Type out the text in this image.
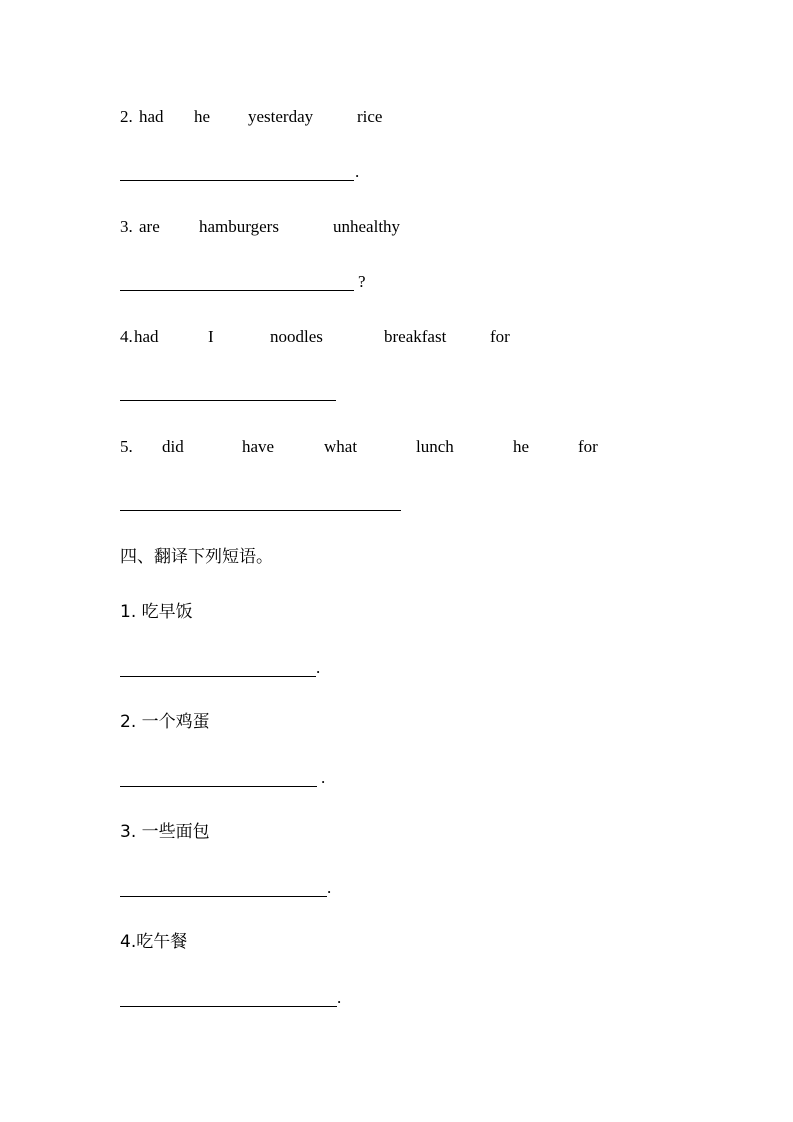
2. had he yesterday	rice
.
3. are hamburgers	unhealthy
?
4. had	I	noodles	breakfast	for
5. did	have	what	lunch	he	for
四、翻译下列短语。
1. 吃早饭
.
2. 一个鸡蛋
.
3. 一些面包
.
4.吃午餐
.
